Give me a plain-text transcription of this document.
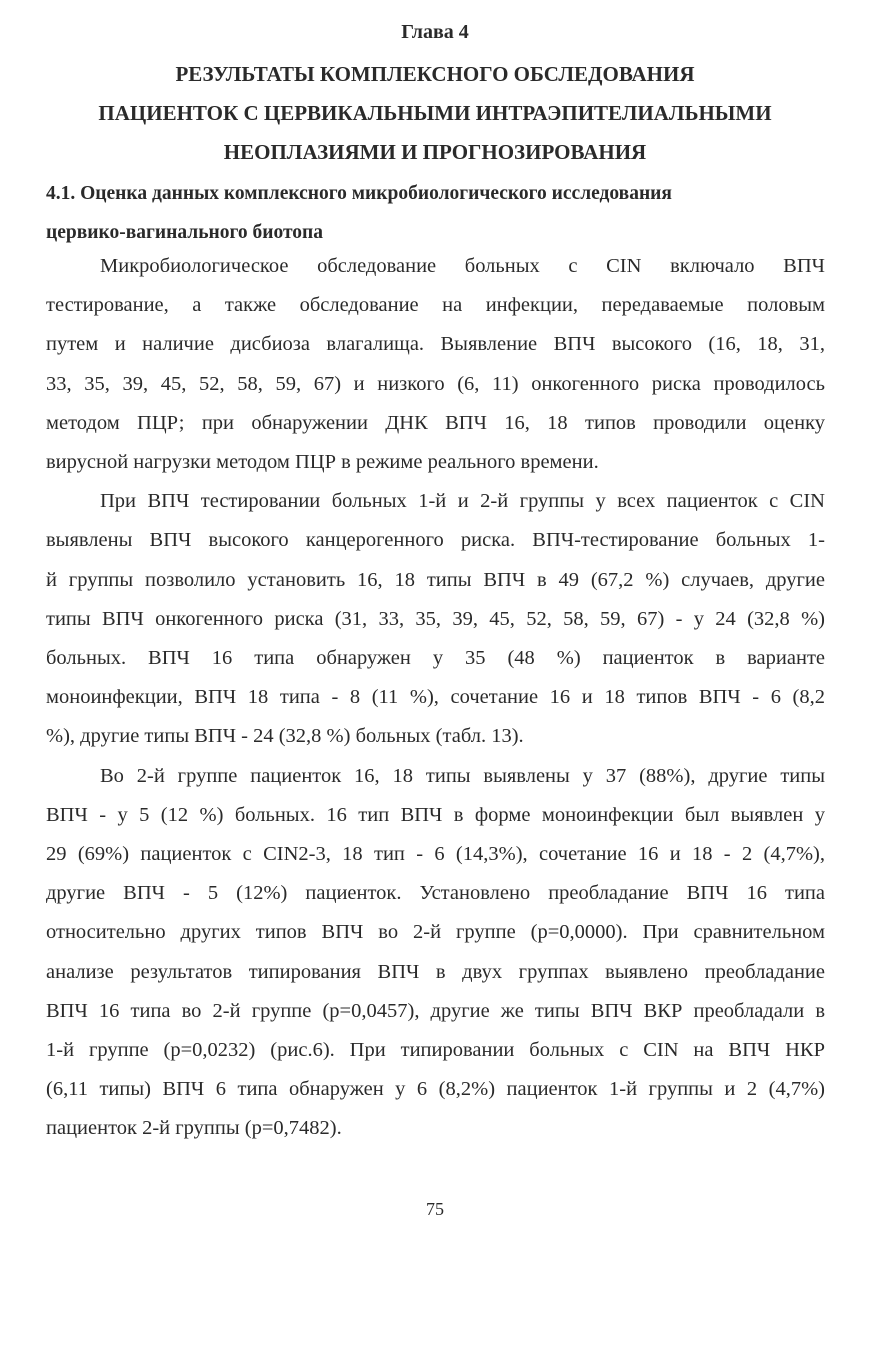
Глава 4
РЕЗУЛЬТАТЫ КОМПЛЕКСНОГО ОБСЛЕДОВАНИЯ
ПАЦИЕНТОК С ЦЕРВИКАЛЬНЫМИ ИНТРАЭПИТЕЛИАЛЬНЫМИ
НЕОПЛАЗИЯМИ И ПРОГНОЗИРОВАНИЯ
4.1. Оценка данных комплексного микробиологического исследования
цервико-вагинального биотопа
Микробиологическое обследование больных с CIN включало ВПЧ
тестирование, а также обследование на инфекции, передаваемые половым
путем и наличие дисбиоза влагалища. Выявление ВПЧ высокого (16, 18, 31,
33, 35, 39, 45, 52, 58, 59, 67) и низкого (6, 11) онкогенного риска проводилось
методом ПЦР; при обнаружении ДНК ВПЧ 16, 18 типов проводили оценку
вирусной нагрузки методом ПЦР в режиме реального времени.
При ВПЧ тестировании больных 1-й и 2-й группы у всех пациенток с CIN
выявлены ВПЧ высокого канцерогенного риска. ВПЧ-тестирование больных 1-
й группы позволило установить 16, 18 типы ВПЧ в 49 (67,2 %) случаев, другие
типы ВПЧ онкогенного риска (31, 33, 35, 39, 45, 52, 58, 59, 67) - у 24 (32,8 %)
больных. ВПЧ 16 типа обнаружен у 35 (48 %) пациенток в варианте
моноинфекции, ВПЧ 18 типа - 8 (11 %), сочетание 16 и 18 типов ВПЧ - 6 (8,2
%), другие типы ВПЧ - 24 (32,8 %) больных (табл. 13).
Во 2-й группе пациенток 16, 18 типы выявлены у 37 (88%), другие типы
ВПЧ - у 5 (12 %) больных. 16 тип ВПЧ в форме моноинфекции был выявлен у
29 (69%) пациенток с CIN2-3, 18 тип - 6 (14,3%), сочетание 16 и 18 - 2 (4,7%),
другие ВПЧ - 5 (12%) пациенток. Установлено преобладание ВПЧ 16 типа
относительно других типов ВПЧ во 2-й группе (p=0,0000). При сравнительном
анализе результатов типирования ВПЧ в двух группах выявлено преобладание
ВПЧ 16 типа во 2-й группе (p=0,0457), другие же типы ВПЧ ВКР преобладали в
1-й группе (p=0,0232) (рис.6). При типировании больных с CIN на ВПЧ НКР
(6,11 типы) ВПЧ 6 типа обнаружен у 6 (8,2%) пациенток 1-й группы и 2 (4,7%)
пациенток 2-й группы (p=0,7482).
75
